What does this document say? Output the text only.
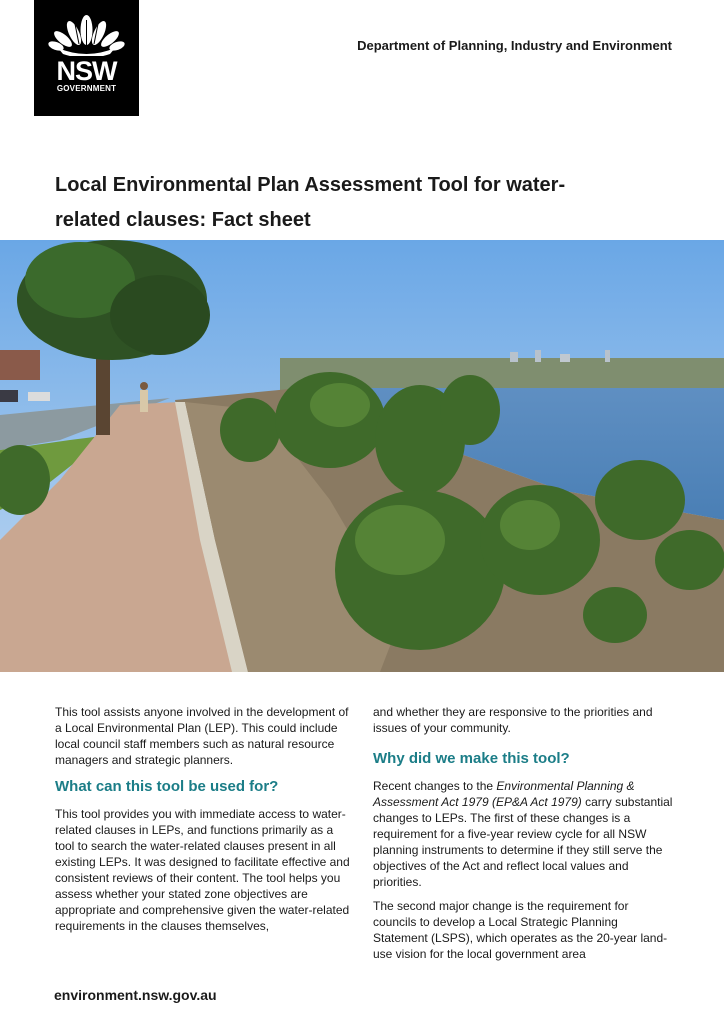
NSW
GOVERNMENT
Department of Planning, Industry and Environment
Local Environmental Plan Assessment Tool for water-
related clauses: Fact sheet

This tool assists anyone involved in the development of a Local Environmental Plan (LEP). This could include local council staff members such as natural resource managers and strategic planners.

What can this tool be used for?

This tool provides you with immediate access to water-related clauses in LEPs, and functions primarily as a tool to search the water-related clauses present in all existing LEPs. It was designed to facilitate effective and consistent reviews of their content. The tool helps you assess whether your stated zone objectives are appropriate and comprehensive given the water-related requirements in the clauses themselves,

and whether they are responsive to the priorities and issues of your community.

Why did we make this tool?

Recent changes to the Environmental Planning & Assessment Act 1979 (EP&A Act 1979) carry substantial changes to LEPs. The first of these changes is a requirement for a five-year review cycle for all NSW planning instruments to determine if they still serve the objectives of the Act and reflect local values and priorities.

The second major change is the requirement for councils to develop a Local Strategic Planning Statement (LSPS), which operates as the 20-year land-use vision for the local government area

environment.nsw.gov.au
